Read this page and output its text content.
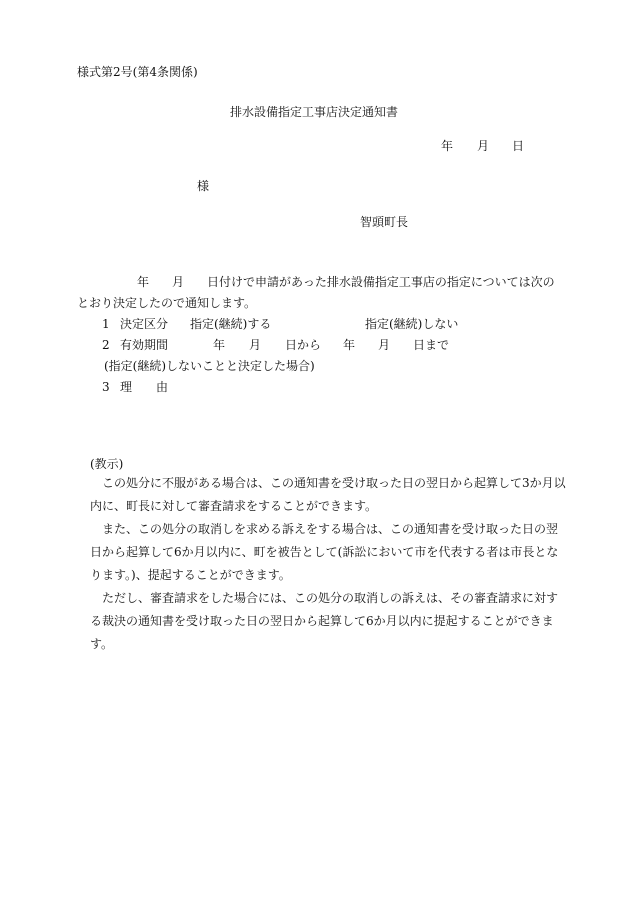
様式第2号(第4条関係)
排水設備指定工事店決定通知書
年 月 日
様
智頭町長
年 月 日付けで申請があった排水設備指定工事店の指定については次の
とおり決定したので通知します。
1 決定区分 指定(継続)する	指定(継続)しない
2 有効期間	年 月 日から 年 月 日まで
(指定(継続)しないことと決定した場合)
3 理 由
(教示)
この処分に不服がある場合は、この通知書を受け取った日の翌日から起算して3か月以
内に、町長に対して審査請求をすることができます。
また、この処分の取消しを求める訴えをする場合は、この通知書を受け取った日の翌
日から起算して6か月以内に、町を被告として(訴訟において市を代表する者は市長とな
ります。)、提起することができます。
ただし、審査請求をした場合には、この処分の取消しの訴えは、その審査請求に対す
る裁決の通知書を受け取った日の翌日から起算して6か月以内に提起することができま
す。
